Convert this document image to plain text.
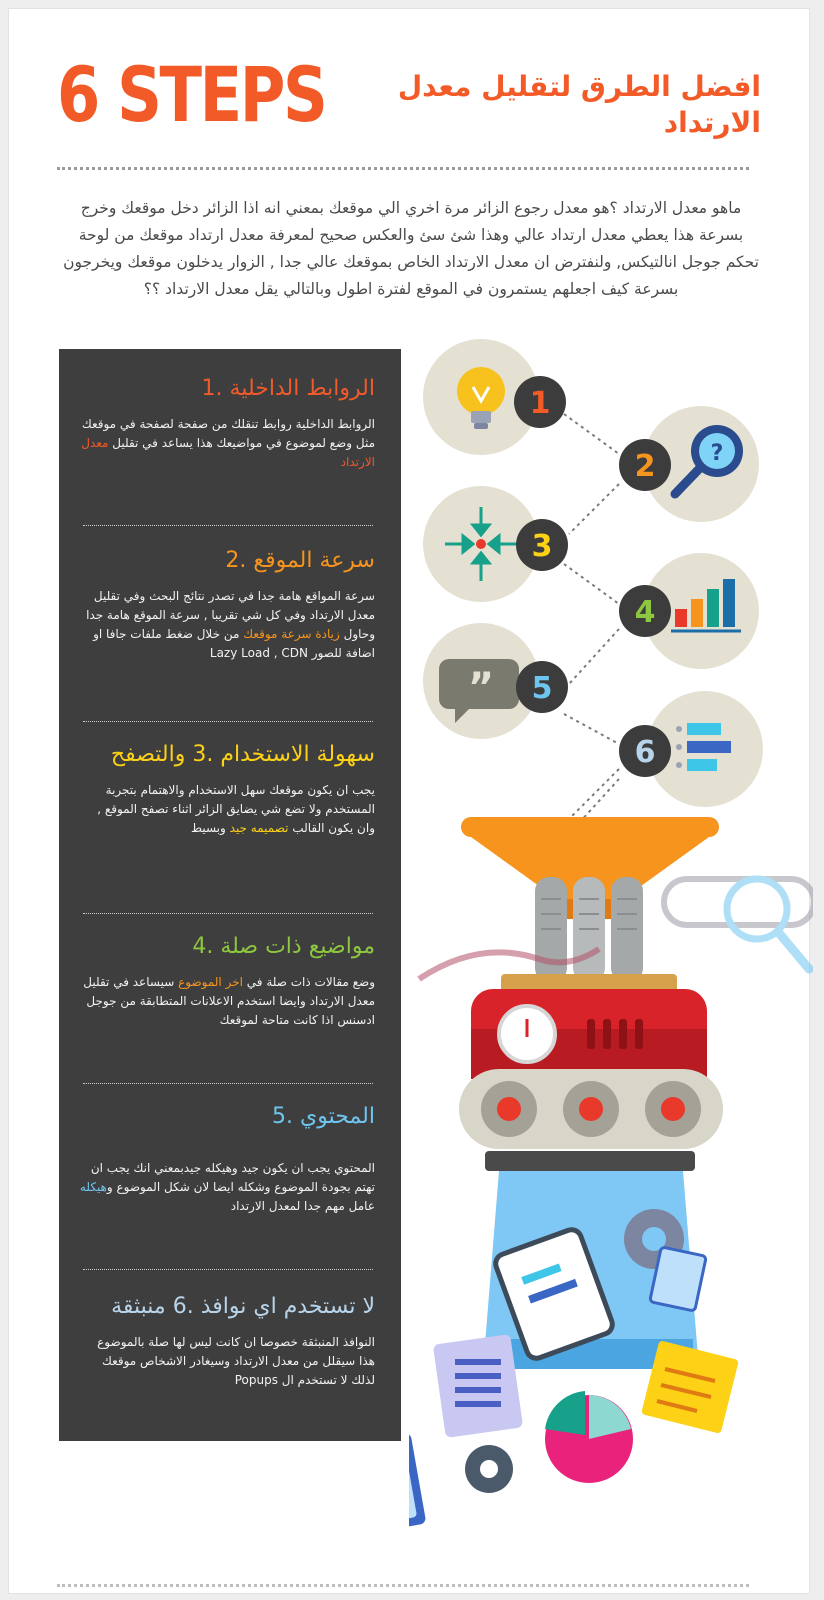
6 STEPS	افضل الطرق لتقليل معدل الارتداد
ماهو معدل الارتداد ؟هو معدل رجوع الزائر مرة اخري الي موقعك بمعني انه اذا الزائر دخل موقعك وخرج بسرعة هذا يعطي معدل ارتداد عالي وهذا شئ سئ والعكس صحيح لمعرفة معدل ارتداد موقعك من لوحة تحكم جوجل انالتيكس, ولنفترض ان معدل الارتداد الخاص بموقعك عالي جدا , الزوار يدخلون موقعك ويخرجون بسرعة كيف اجعلهم يستمرون في الموقع لفترة اطول وبالتالي يقل معدل الارتداد ؟؟
الروابط الداخلية .1

الروابط الداخلية روابط تنقلك من صفحة لصفحة في موقعك مثل وضع لموضوع في مواضيعك هذا يساعد في تقليل معدل الارتداد

سرعة الموقع .2

سرعة المواقع هامة جدا في تصدر نتائج البحث وفي تقليل معدل الارتداد وفي كل شي تقريبا , سرعة الموقع هامة جدا وحاول زيادة سرعة موقعك من خلال ضغط ملفات جافا او اضافة للصور Lazy Load , CDN

سهولة الاستخدام .3 والتصفح

يجب ان يكون موقعك سهل الاستخدام والاهتمام بتجربة المستخدم ولا تضع شي يضايق الزائر اثناء تصفح الموقع , وان يكون القالب تصميمه جيد وبسيط

مواضيع ذات صلة .4

وضع مقالات ذات صلة في اخر الموضوع سيساعد في تقليل معدل الارتداد وايضا استخدم الاعلانات المتطابقة من جوجل ادسنس اذا كانت متاحة لموقعك

المحتوي .5

المحتوي يجب ان يكون جيد وهيكله جيدبمعني انك يجب ان تهتم بجودة الموضوع وشكله ايضا لان شكل الموضوع وهيكله عامل مهم جدا لمعدل الارتداد

لا تستخدم اي نوافذ .6 منبثقة

النوافذ المنبثقة خصوصا ان كانت ليس لها صلة بالموضوع هذا سيقلل من معدل الارتداد وسيغادر الاشخاص موقعك لذلك لا تستخدم ال Popups

1
?
2
3
4
” 5
6
